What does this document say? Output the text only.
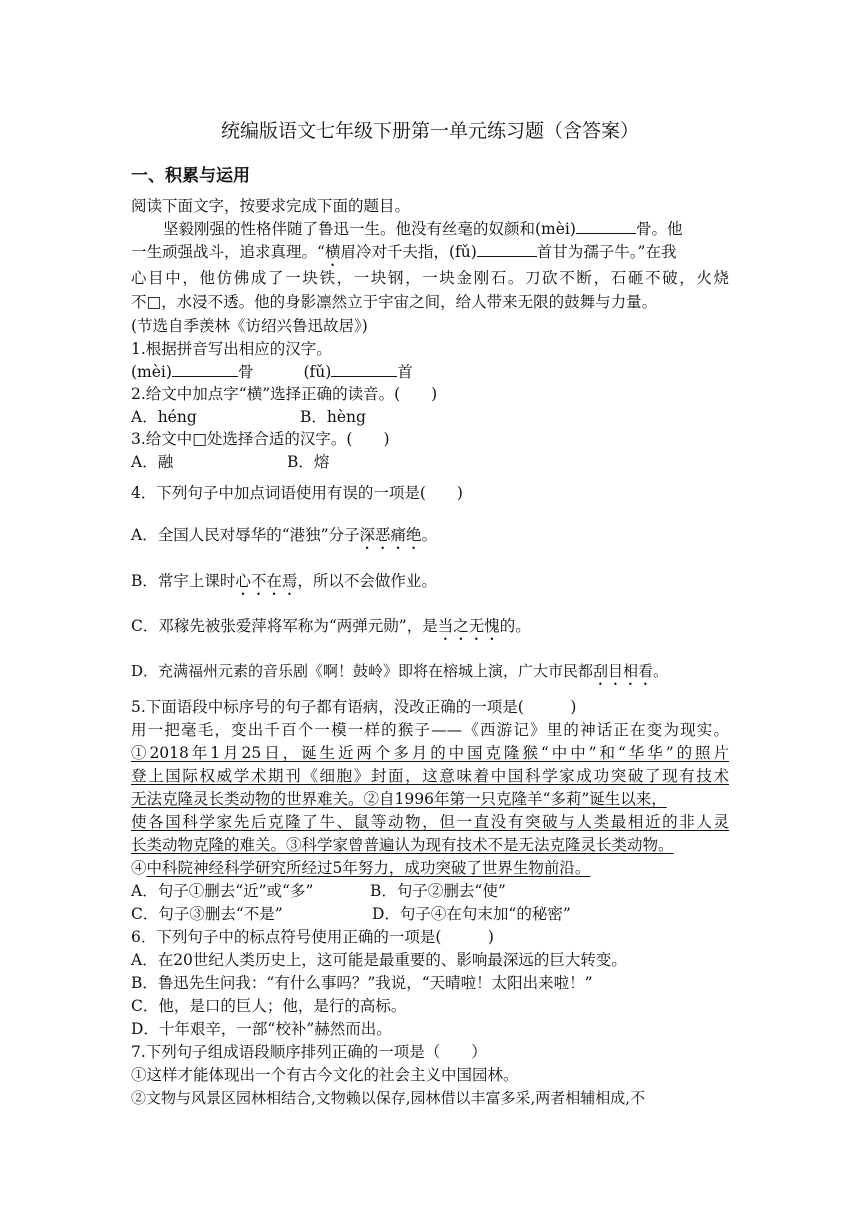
统编版语文七年级下册第一单元练习题（含答案）
一、积累与运用
阅读下面文字，按要求完成下面的题目。
坚毅刚强的性格伴随了鲁迅一生。他没有丝毫的奴颜和(mèi)	骨。他
一生顽强战斗，追求真理。“横眉冷对千夫指，(fǔ)	首甘为孺子牛。”在我
心目中，他仿佛成了一块铁，一块钢，一块金刚石。刀砍不断，石砸不破，火烧
不□，水浸不透。他的身影凛然立于宇宙之间，给人带来无限的鼓舞与力量。
(节选自季羡林《访绍兴鲁迅故居》)
1.根据拼音写出相应的汉字。
(mèi)	骨	(fǔ)	首
2.给文中加点字“横”选择正确的读音。(　　)
A．héng	B．hèng
3.给文中□处选择合适的汉字。(　　)
A．融	B．熔
4．下列句子中加点词语使用有误的一项是(　　)
A．全国人民对辱华的“港独”分子深恶痛绝。
B．常宇上课时心不在焉，所以不会做作业。
C．邓稼先被张爱萍将军称为“两弹元勋”，是当之无愧的。
D．充满福州元素的音乐剧《啊！鼓岭》即将在榕城上演，广大市民都刮目相看。
5.下面语段中标序号的句子都有语病，没改正确的一项是(　　　)
用一把毫毛，变出千百个一模一样的猴子——《西游记》里的神话正在变为现实。
①2018年1月25日，诞生近两个多月的中国克隆猴“中中”和“华华”的照片
登上国际权威学术期刊《细胞》封面，这意味着中国科学家成功突破了现有技术
无法克隆灵长类动物的世界难关。②自1996年第一只克隆羊“多莉”诞生以来，
使各国科学家先后克隆了牛、鼠等动物，但一直没有突破与人类最相近的非人灵
长类动物克隆的难关。③科学家曾普遍认为现有技术不是无法克隆灵长类动物。
④中科院神经科学研究所经过5年努力，成功突破了世界生物前沿。
A．句子①删去“近”或“多”	B．句子②删去“使”
C．句子③删去“不是”	D．句子④在句末加“的秘密”
6．下列句子中的标点符号使用正确的一项是(　　　)
A．在20世纪人类历史上，这可能是最重要的、影响最深远的巨大转变。
B．鲁迅先生问我：“有什么事吗？”我说，“天晴啦！太阳出来啦！”
C．他，是口的巨人；他，是行的高标。
D．十年艰辛，一部“校补”赫然而出。
7.下列句子组成语段顺序排列正确的一项是（　　）
①这样才能体现出一个有古今文化的社会主义中国园林。
②文物与风景区园林相结合,文物赖以保存,园林借以丰富多采,两者相辅相成,不
